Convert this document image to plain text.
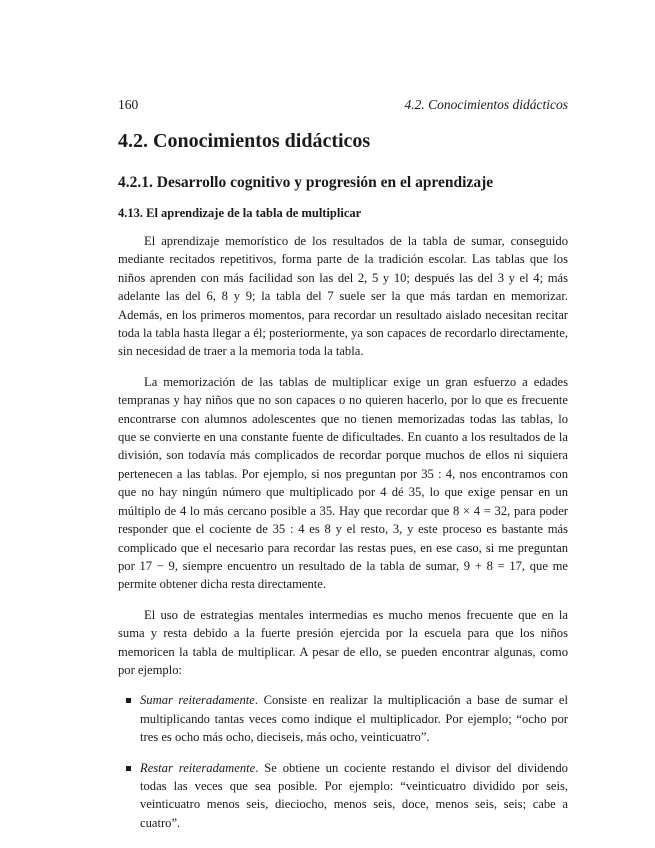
160	4.2. Conocimientos didácticos
4.2. Conocimientos didácticos
4.2.1. Desarrollo cognitivo y progresión en el aprendizaje
4.13. El aprendizaje de la tabla de multiplicar

El aprendizaje memorístico de los resultados de la tabla de sumar, conseguido mediante recitados repetitivos, forma parte de la tradición escolar. Las tablas que los niños aprenden con más facilidad son las del 2, 5 y 10; después las del 3 y el 4; más adelante las del 6, 8 y 9; la tabla del 7 suele ser la que más tardan en memorizar. Además, en los primeros momentos, para recordar un resultado aislado necesitan recitar toda la tabla hasta llegar a él; posteriormente, ya son capaces de recordarlo directamente, sin necesidad de traer a la memoria toda la tabla.

La memorización de las tablas de multiplicar exige un gran esfuerzo a edades tempranas y hay niños que no son capaces o no quieren hacerlo, por lo que es frecuente encontrarse con alumnos adolescentes que no tienen memorizadas todas las tablas, lo que se convierte en una constante fuente de dificultades. En cuanto a los resultados de la división, son todavía más complicados de recordar porque muchos de ellos ni siquiera pertenecen a las tablas. Por ejemplo, si nos preguntan por 35 : 4, nos encontramos con que no hay ningún número que multiplicado por 4 dé 35, lo que exige pensar en un múltiplo de 4 lo más cercano posible a 35. Hay que recordar que 8 × 4 = 32, para poder responder que el cociente de 35 : 4 es 8 y el resto, 3, y este proceso es bastante más complicado que el necesario para recordar las restas pues, en ese caso, si me preguntan por 17 − 9, siempre encuentro un resultado de la tabla de sumar, 9 + 8 = 17, que me permite obtener dicha resta directamente.

El uso de estrategias mentales intermedias es mucho menos frecuente que en la suma y resta debido a la fuerte presión ejercida por la escuela para que los niños memoricen la tabla de multiplicar. A pesar de ello, se pueden encontrar algunas, como por ejemplo:

Sumar reiteradamente. Consiste en realizar la multiplicación a base de sumar el multiplicando tantas veces como indique el multiplicador. Por ejemplo; “ocho por tres es ocho más ocho, dieciseis, más ocho, veinticuatro”.
Restar reiteradamente. Se obtiene un cociente restando el divisor del dividendo todas las veces que sea posible. Por ejemplo: “veinticuatro dividido por seis, veinticuatro menos seis, dieciocho, menos seis, doce, menos seis, seis; cabe a cuatro”.
